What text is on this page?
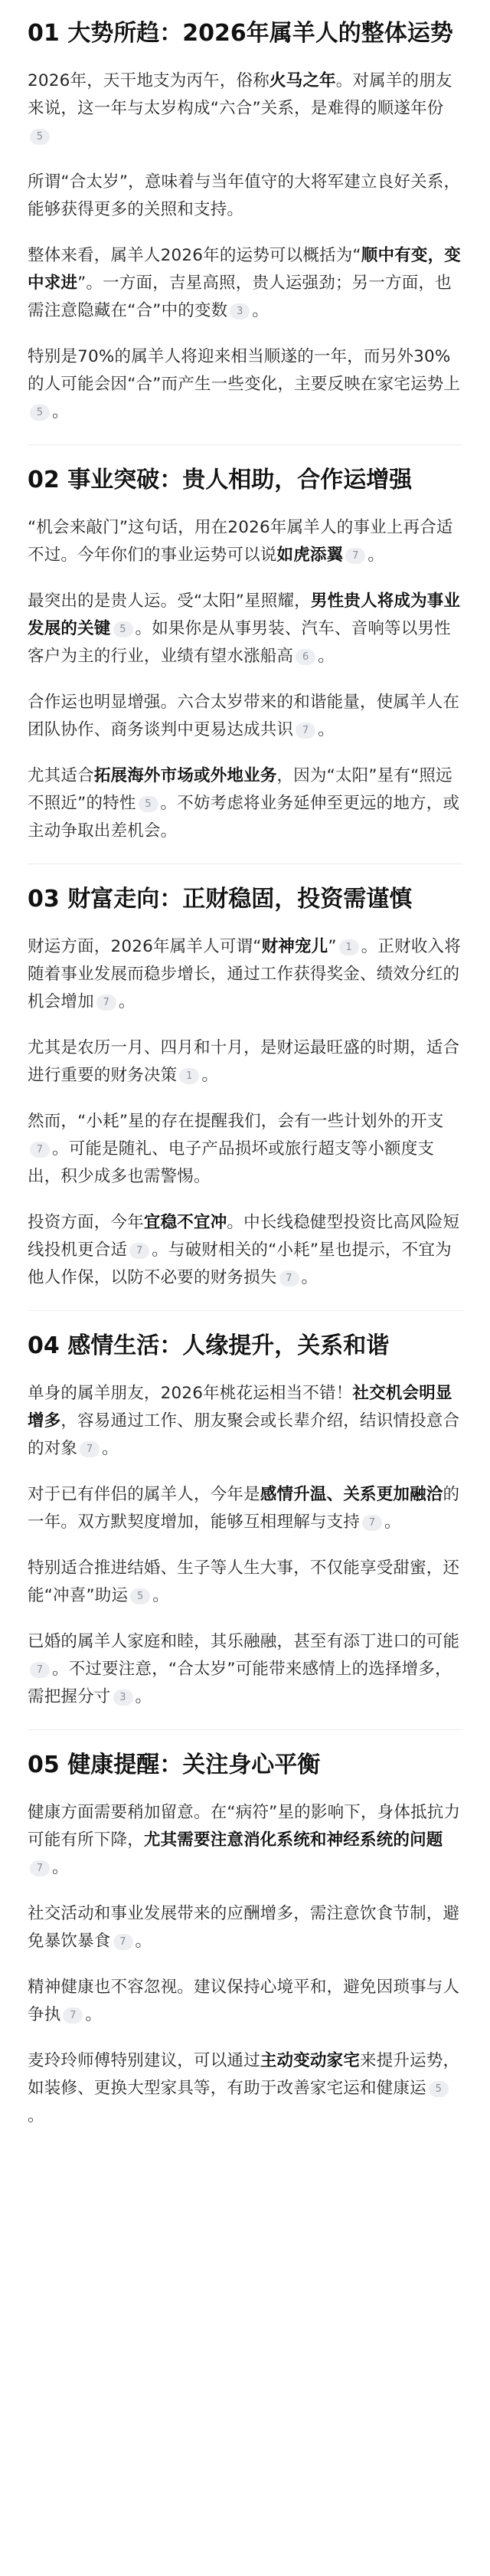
01 大势所趋：2026年属羊人的整体运势

2026年，天干地支为丙午，俗称火马之年。对属羊的朋友来说，这一年与太岁构成“六合”关系，是难得的顺遂年份5

所谓“合太岁”，意味着与当年值守的大将军建立良好关系，能够获得更多的关照和支持。

整体来看，属羊人2026年的运势可以概括为“顺中有变，变中求进”。一方面，吉星高照，贵人运强劲；另一方面，也需注意隐藏在“合”中的变数 3 。

特别是70%的属羊人将迎来相当顺遂的一年，而另外30%的人可能会因“合”而产生一些变化，主要反映在家宅运势上5 。

02 事业突破：贵人相助，合作运增强

“机会来敲门”这句话，用在2026年属羊人的事业上再合适不过。今年你们的事业运势可以说如虎添翼 7 。

最突出的是贵人运。受“太阳”星照耀，男性贵人将成为事业发展的关键 5 。如果你是从事男装、汽车、音响等以男性客户为主的行业，业绩有望水涨船高 6 。

合作运也明显增强。六合太岁带来的和谐能量，使属羊人在团队协作、商务谈判中更易达成共识 7 。

尤其适合拓展海外市场或外地业务，因为“太阳”星有“照远不照近”的特性 5 。不妨考虑将业务延伸至更远的地方，或主动争取出差机会。

03 财富走向：正财稳固，投资需谨慎

财运方面，2026年属羊人可谓“财神宠儿” 1 。正财收入将随着事业发展而稳步增长，通过工作获得奖金、绩效分红的机会增加 7 。

尤其是农历一月、四月和十月，是财运最旺盛的时期，适合进行重要的财务决策 1 。

然而，“小耗”星的存在提醒我们，会有一些计划外的开支7 。可能是随礼、电子产品损坏或旅行超支等小额度支出，积少成多也需警惕。

投资方面，今年宜稳不宜冲。中长线稳健型投资比高风险短线投机更合适 7 。与破财相关的“小耗”星也提示，不宜为他人作保，以防不必要的财务损失 7 。

04 感情生活：人缘提升，关系和谐

单身的属羊朋友，2026年桃花运相当不错！社交机会明显增多，容易通过工作、朋友聚会或长辈介绍，结识情投意合的对象 7 。

对于已有伴侣的属羊人，今年是感情升温、关系更加融洽的一年。双方默契度增加，能够互相理解与支持 7 。

特别适合推进结婚、生子等人生大事，不仅能享受甜蜜，还能“冲喜”助运 5 。

已婚的属羊人家庭和睦，其乐融融，甚至有添丁进口的可能7 。不过要注意，“合太岁”可能带来感情上的选择增多，需把握分寸 3 。

05 健康提醒：关注身心平衡

健康方面需要稍加留意。在“病符”星的影响下，身体抵抗力可能有所下降，尤其需要注意消化系统和神经系统的问题7 。

社交活动和事业发展带来的应酬增多，需注意饮食节制，避免暴饮暴食 7 。

精神健康也不容忽视。建议保持心境平和，避免因琐事与人争执 7 。

麦玲玲师傅特别建议，可以通过主动变动家宅来提升运势，如装修、更换大型家具等，有助于改善家宅运和健康运 5。
